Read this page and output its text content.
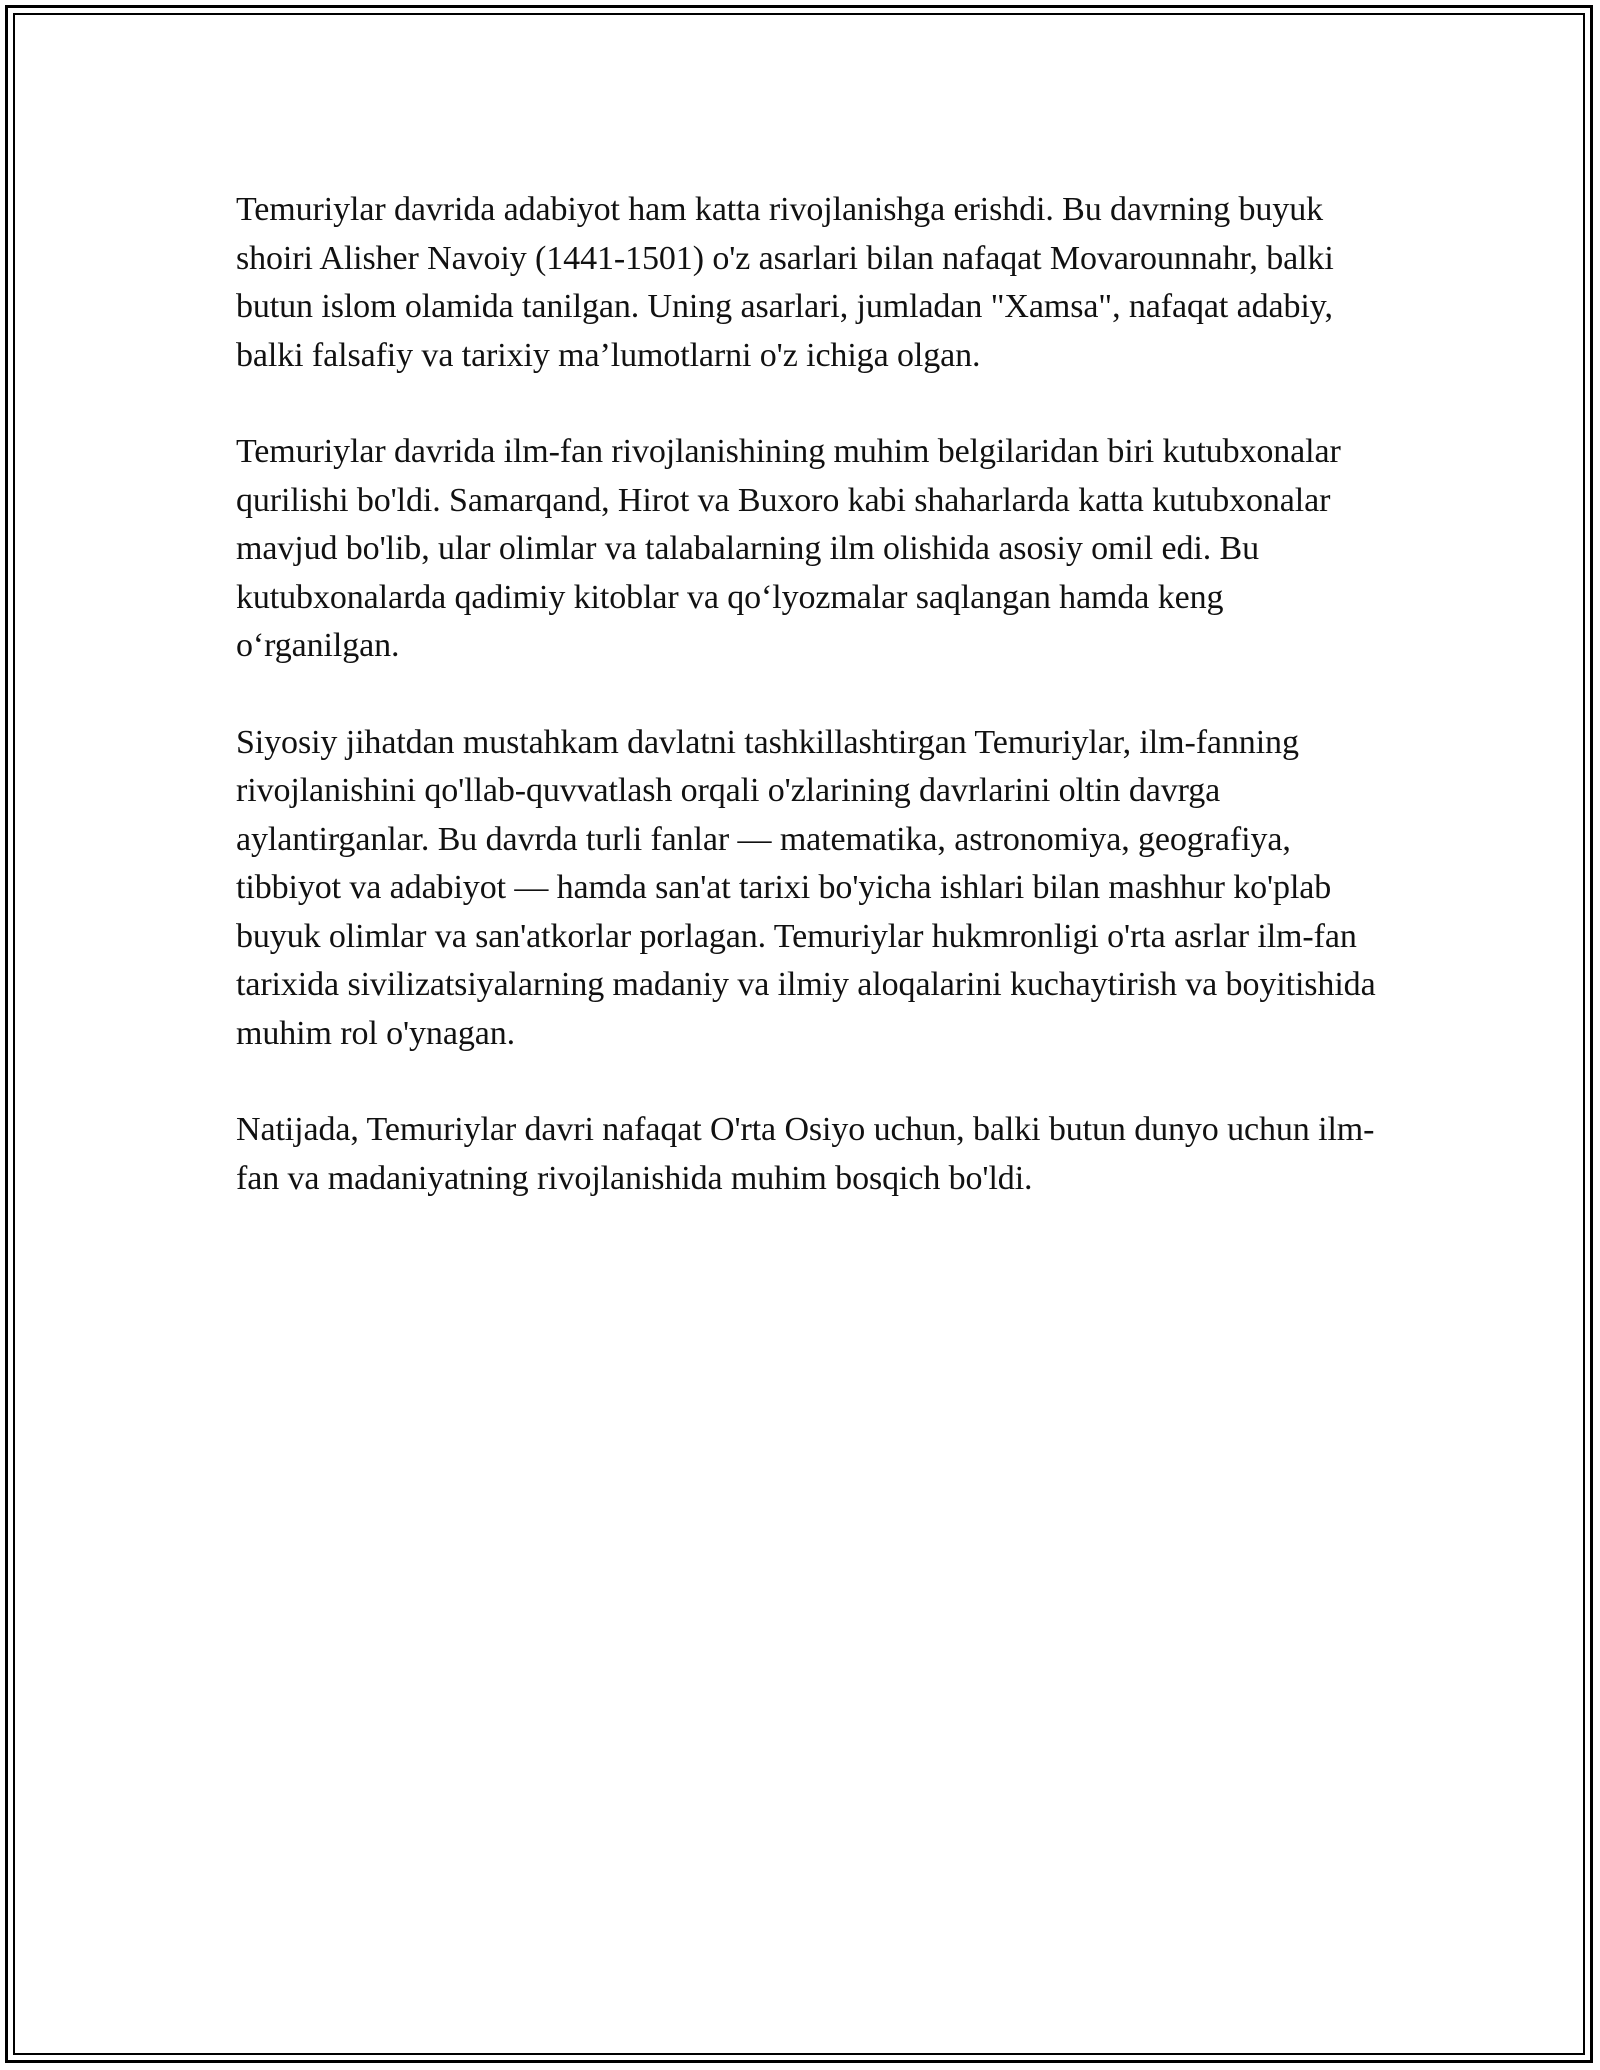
Temuriylar davrida adabiyot ham katta rivojlanishga erishdi. Bu davrning buyuk shoiri Alisher Navoiy (1441-1501) o'z asarlari bilan nafaqat Movarounnahr, balki butun islom olamida tanilgan. Uning asarlari, jumladan "Xamsa", nafaqat adabiy, balki falsafiy va tarixiy ma’lumotlarni o'z ichiga olgan.

Temuriylar davrida ilm-fan rivojlanishining muhim belgilaridan biri kutubxonalar qurilishi bo'ldi. Samarqand, Hirot va Buxoro kabi shaharlarda katta kutubxonalar mavjud bo'lib, ular olimlar va talabalarning ilm olishida asosiy omil edi. Bu kutubxonalarda qadimiy kitoblar va qo‘lyozmalar saqlangan hamda keng o‘rganilgan.

Siyosiy jihatdan mustahkam davlatni tashkillashtirgan Temuriylar, ilm-fanning rivojlanishini qo'llab-quvvatlash orqali o'zlarining davrlarini oltin davrga aylantirganlar. Bu davrda turli fanlar — matematika, astronomiya, geografiya, tibbiyot va adabiyot — hamda san'at tarixi bo'yicha ishlari bilan mashhur ko'plab buyuk olimlar va san'atkorlar porlagan. Temuriylar hukmronligi o'rta asrlar ilm-fan tarixida sivilizatsiyalarning madaniy va ilmiy aloqalarini kuchaytirish va boyitishida muhim rol o'ynagan.

Natijada, Temuriylar davri nafaqat O'rta Osiyo uchun, balki butun dunyo uchun ilm-fan va madaniyatning rivojlanishida muhim bosqich bo'ldi.
